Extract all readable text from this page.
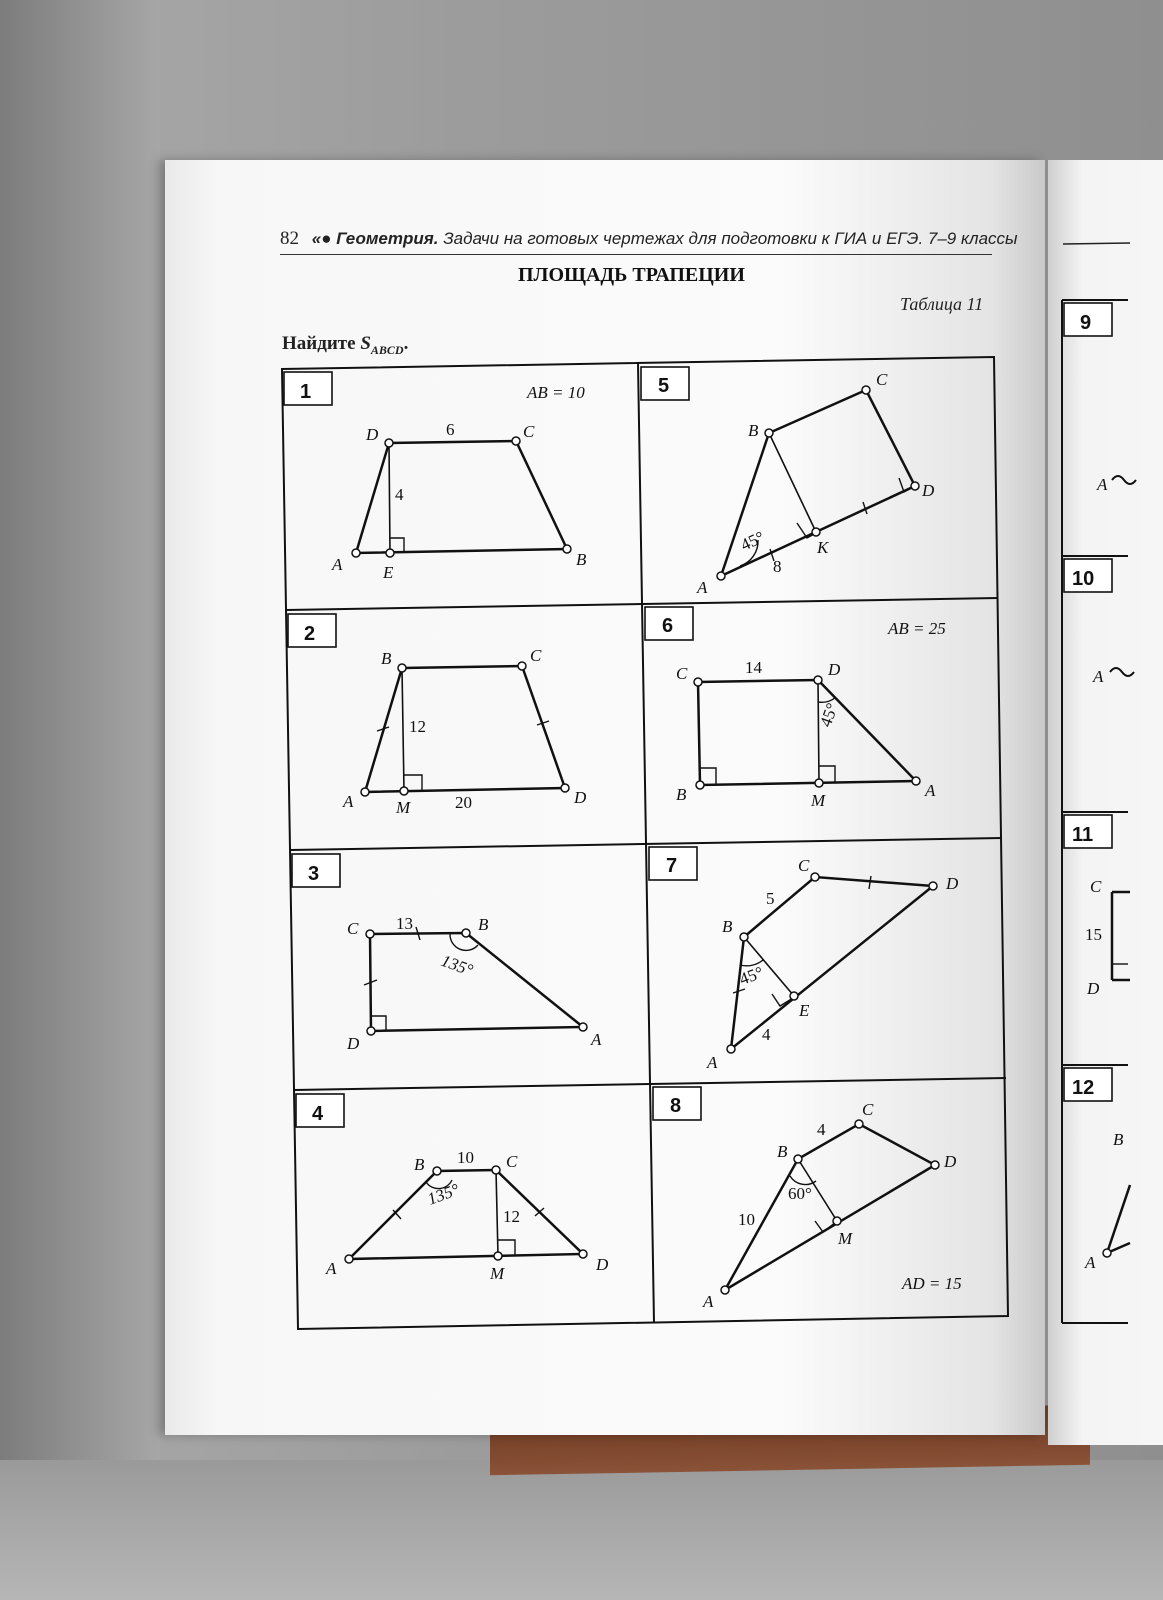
82 «● Геометрия. Задачи на готовых чертежах для подготовки к ГИА и ЕГЭ. 7–9 классы
ПЛОЩАДЬ ТРАПЕЦИИ
Таблица 11
Найдите $S_{ABCD}$.
1	5
2	6
3	7
4	8
AB = 10
D	C
A E
B
6
4
B	C
A	M
D
12
20
C	B
D	A
13
135°
B	C
A	M	D
10
135°
12
C
B
D
K
A
45°
8
AB = 25
C	D
B	M
A
14
45°
C
D
B
E
A
5
45°
4
C
B
D
M
A
4
60°
10
AD = 15
9
10
11
12
A
A
C
15
D
B
A
